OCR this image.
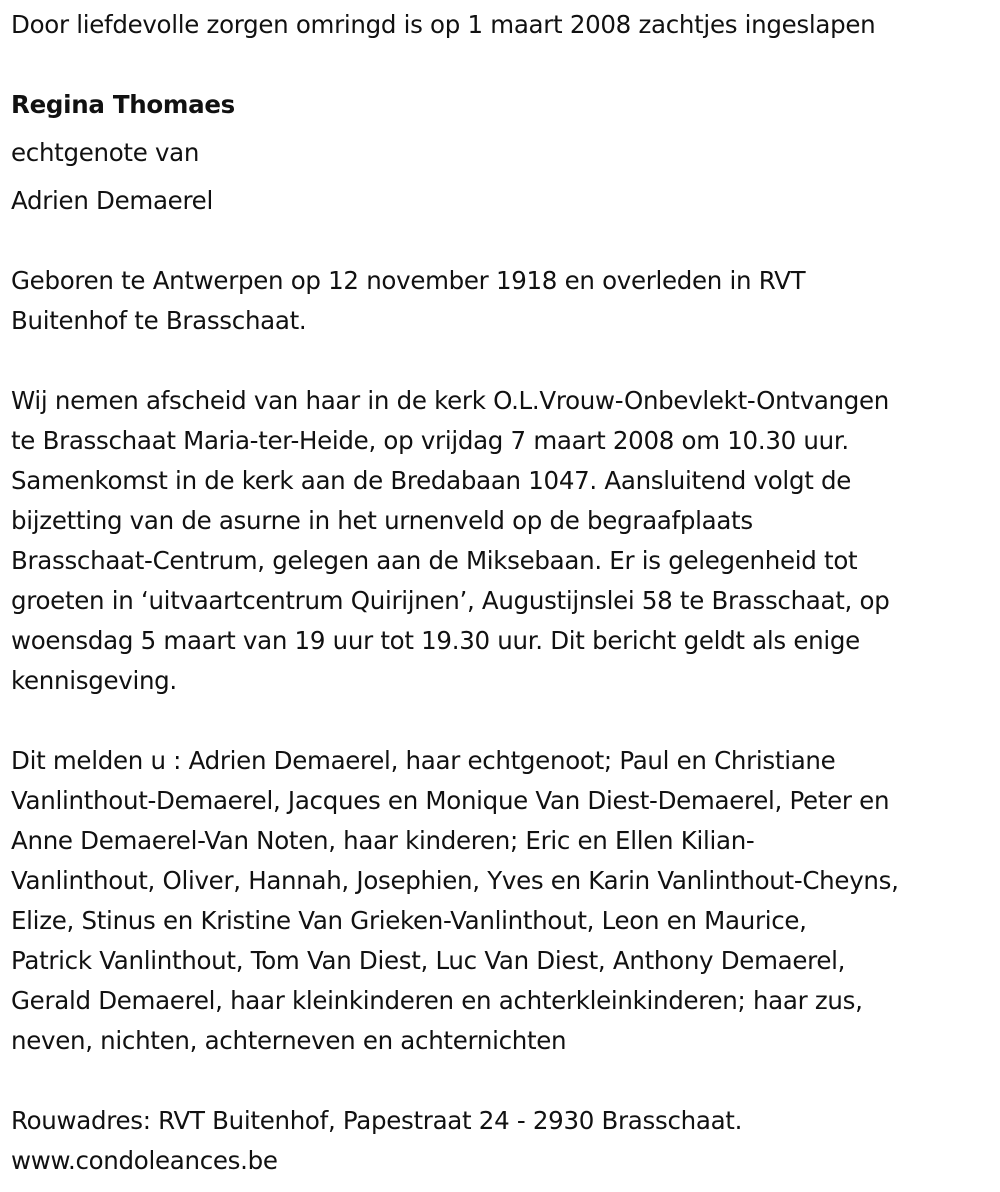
Door liefdevolle zorgen omringd is op 1 maart 2008 zachtjes ingeslapen
Regina Thomaes
echtgenote van
Adrien Demaerel
Geboren te Antwerpen op 12 november 1918 en overleden in RVT
Buitenhof te Brasschaat.
Wij nemen afscheid van haar in de kerk O.L.Vrouw-Onbevlekt-Ontvangen
te Brasschaat Maria-ter-Heide, op vrijdag 7 maart 2008 om 10.30 uur.
Samenkomst in de kerk aan de Bredabaan 1047. Aansluitend volgt de
bijzetting van de asurne in het urnenveld op de begraafplaats
Brasschaat-Centrum, gelegen aan de Miksebaan. Er is gelegenheid tot
groeten in ‘uitvaartcentrum Quirijnen’, Augustijnslei 58 te Brasschaat, op
woensdag 5 maart van 19 uur tot 19.30 uur. Dit bericht geldt als enige
kennisgeving.
Dit melden u : Adrien Demaerel, haar echtgenoot; Paul en Christiane
Vanlinthout-Demaerel, Jacques en Monique Van Diest-Demaerel, Peter en
Anne Demaerel-Van Noten, haar kinderen; Eric en Ellen Kilian-
Vanlinthout, Oliver, Hannah, Josephien, Yves en Karin Vanlinthout-Cheyns,
Elize, Stinus en Kristine Van Grieken-Vanlinthout, Leon en Maurice,
Patrick Vanlinthout, Tom Van Diest, Luc Van Diest, Anthony Demaerel,
Gerald Demaerel, haar kleinkinderen en achterkleinkinderen; haar zus,
neven, nichten, achterneven en achternichten
Rouwadres: RVT Buitenhof, Papestraat 24 - 2930 Brasschaat.
www.condoleances.be
